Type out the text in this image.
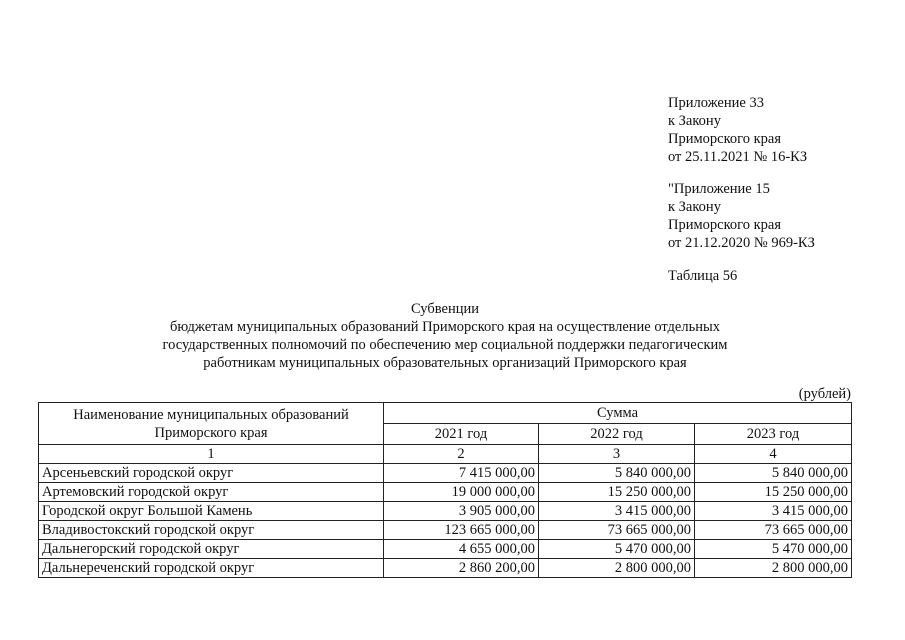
Приложение 33
к Закону
Приморского края
от 25.11.2021 № 16-КЗ
"Приложение 15
к Закону
Приморского края
от 21.12.2020 № 969-КЗ
Таблица 56
Субвенции
бюджетам муниципальных образований Приморского края на осуществление отдельных
государственных полномочий по обеспечению мер социальной поддержки педагогическим
работникам муниципальных образовательных организаций Приморского края
(рублей)
Наименование муниципальных образований Приморского края	Сумма		
	2021 год	2022 год	2023 год
1	2	3	4
Арсеньевский городской округ	7 415 000,00	5 840 000,00	5 840 000,00
Артемовский городской округ	19 000 000,00	15 250 000,00	15 250 000,00
Городской округ Большой Камень	3 905 000,00	3 415 000,00	3 415 000,00
Владивостокский городской округ	123 665 000,00	73 665 000,00	73 665 000,00
Дальнегорский городской округ	4 655 000,00	5 470 000,00	5 470 000,00
Дальнереченский городской округ	2 860 200,00	2 800 000,00	2 800 000,00
